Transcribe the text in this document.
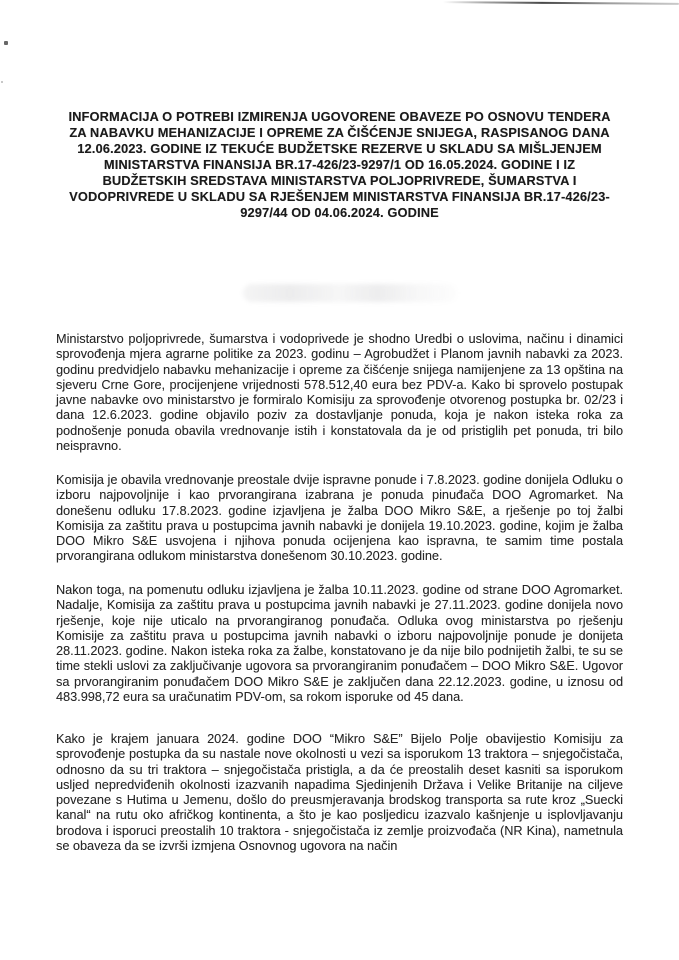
INFORMACIJA O POTREBI IZMIRENJA UGOVORENE OBAVEZE PO OSNOVU TENDERA
ZA NABAVKU MEHANIZACIJE I OPREME ZA ČIŠĆENJE SNIJEGA, RASPISANOG DANA
12.06.2023. GODINE IZ TEKUĆE BUDŽETSKE REZERVE U SKLADU SA MIŠLJENJEM
MINISTARSTVA FINANSIJA BR.17-426/23-9297/1 OD 16.05.2024. GODINE I IZ
BUDŽETSKIH SREDSTAVA MINISTARSTVA POLJOPRIVREDE, ŠUMARSTVA I
VODOPRIVREDE U SKLADU SA RJEŠENJEM MINISTARSTVA FINANSIJA BR.17-426/23-
9297/44 OD 04.06.2024. GODINE

Ministarstvo poljoprivrede, šumarstva i vodoprivede je shodno Uredbi o uslovima, načinu i dinamici sprovođenja mjera agrarne politike za 2023. godinu – Agrobudžet i Planom javnih nabavki za 2023. godinu predvidjelo nabavku mehanizacije i opreme za čišćenje snijega namijenjene za 13 opština na sjeveru Crne Gore, procijenjene vrijednosti 578.512,40 eura bez PDV-a. Kako bi sprovelo postupak javne nabavke ovo ministarstvo je formiralo Komisiju za sprovođenje otvorenog postupka br. 02/23 i dana 12.6.2023. godine objavilo poziv za dostavljanje ponuda, koja je nakon isteka roka za podnošenje ponuda obavila vrednovanje istih i konstatovala da je od pristiglih pet ponuda, tri bilo neispravno.

Komisija je obavila vrednovanje preostale dvije ispravne ponude i 7.8.2023. godine donijela Odluku o izboru najpovoljnije i kao prvorangirana izabrana je ponuda pinuđača DOO Agromarket. Na donešenu odluku 17.8.2023. godine izjavljena je žalba DOO Mikro S&E, a rješenje po toj žalbi Komisija za zaštitu prava u postupcima javnih nabavki je donijela 19.10.2023. godine, kojim je žalba DOO Mikro S&E usvojena i njihova ponuda ocijenjena kao ispravna, te samim time postala prvorangirana odlukom ministarstva donešenom 30.10.2023. godine.

Nakon toga, na pomenutu odluku izjavljena je žalba 10.11.2023. godine od strane DOO Agromarket. Nadalje, Komisija za zaštitu prava u postupcima javnih nabavki je 27.11.2023. godine donijela novo rješenje, koje nije uticalo na prvorangiranog ponuđača. Odluka ovog ministarstva po rješenju Komisije za zaštitu prava u postupcima javnih nabavki o izboru najpovoljnije ponude je donijeta 28.11.2023. godine. Nakon isteka roka za žalbe, konstatovano je da nije bilo podnijetih žalbi, te su se time stekli uslovi za zaključivanje ugovora sa prvorangiranim ponuđačem – DOO Mikro S&E. Ugovor sa prvorangiranim ponuđačem DOO Mikro S&E je zaključen dana 22.12.2023. godine, u iznosu od 483.998,72 eura sa uračunatim PDV-om, sa rokom isporuke od 45 dana.

Kako je krajem januara 2024. godine DOO “Mikro S&E” Bijelo Polje obavijestio Komisiju za sprovođenje postupka da su nastale nove okolnosti u vezi sa isporukom 13 traktora – snjegočistača, odnosno da su tri traktora – snjegočistača pristigla, a da će preostalih deset kasniti sa isporukom usljed nepredviđenih okolnosti izazvanih napadima Sjedinjenih Država i Velike Britanije na ciljeve povezane s Hutima u Jemenu, došlo do preusmjeravanja brodskog transporta sa rute kroz „Suecki kanal“ na rutu oko afričkog kontinenta, a što je kao posljedicu izazvalo kašnjenje u isplovljavanju brodova i isporuci preostalih 10 traktora - snjegočistača iz zemlje proizvođača (NR Kina), nametnula se obaveza da se izvrši izmjena Osnovnog ugovora na način
